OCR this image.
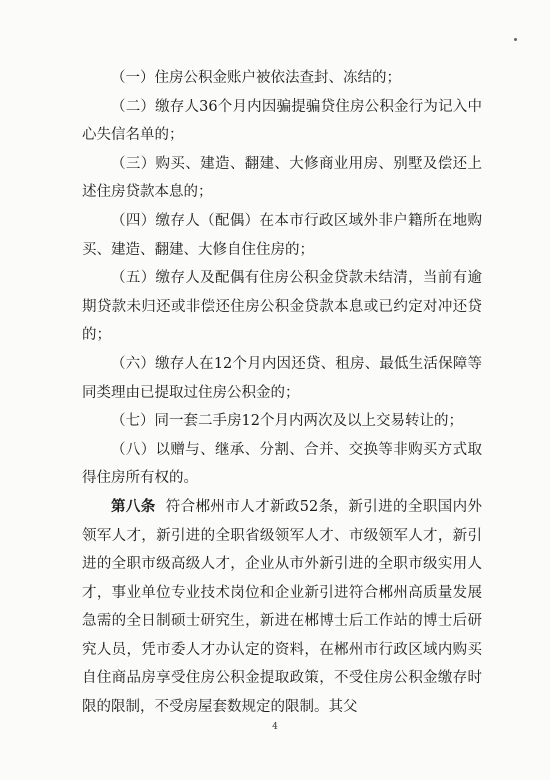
（一）住房公积金账户被依法查封、冻结的；

（二）缴存人36个月内因骗提骗贷住房公积金行为记入中心失信名单的；

（三）购买、建造、翻建、大修商业用房、别墅及偿还上述住房贷款本息的；

（四）缴存人（配偶）在本市行政区域外非户籍所在地购买、建造、翻建、大修自住住房的；

（五）缴存人及配偶有住房公积金贷款未结清，当前有逾期贷款未归还或非偿还住房公积金贷款本息或已约定对冲还贷的；

（六）缴存人在12个月内因还贷、租房、最低生活保障等同类理由已提取过住房公积金的；

（七）同一套二手房12个月内两次及以上交易转让的；

（八）以赠与、继承、分割、合并、交换等非购买方式取得住房所有权的。

第八条  符合郴州市人才新政52条，新引进的全职国内外领军人才，新引进的全职省级领军人才、市级领军人才，新引进的全职市级高级人才，企业从市外新引进的全职市级实用人才，事业单位专业技术岗位和企业新引进符合郴州高质量发展急需的全日制硕士研究生，新进在郴博士后工作站的博士后研究人员，凭市委人才办认定的资料，在郴州市行政区域内购买自住商品房享受住房公积金提取政策，不受住房公积金缴存时限的限制，不受房屋套数规定的限制。其父

4
